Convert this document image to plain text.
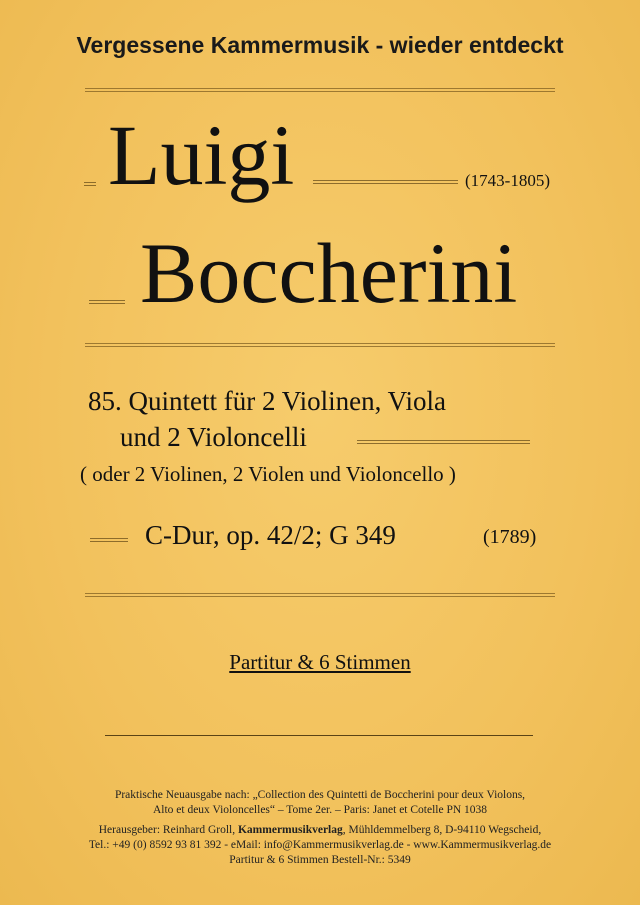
Vergessene Kammermusik - wieder entdeckt
Luigi	(1743-1805)
Boccherini
85. Quintett für 2 Violinen, Viola
und 2 Violoncelli
( oder 2 Violinen, 2 Violen und Violoncello )
C-Dur, op. 42/2; G 349	(1789)
Partitur & 6 Stimmen
Praktische Neuausgabe nach: „Collection des Quintetti de Boccherini pour deux Violons,
Alto et deux Violoncelles“ – Tome 2er. – Paris: Janet et Cotelle PN 1038
Herausgeber: Reinhard Groll, Kammermusikverlag, Mühldemmelberg 8, D-94110 Wegscheid,
Tel.: +49 (0) 8592 93 81 392 - eMail: info@Kammermusikverlag.de - www.Kammermusikverlag.de
Partitur & 6 Stimmen Bestell-Nr.: 5349
